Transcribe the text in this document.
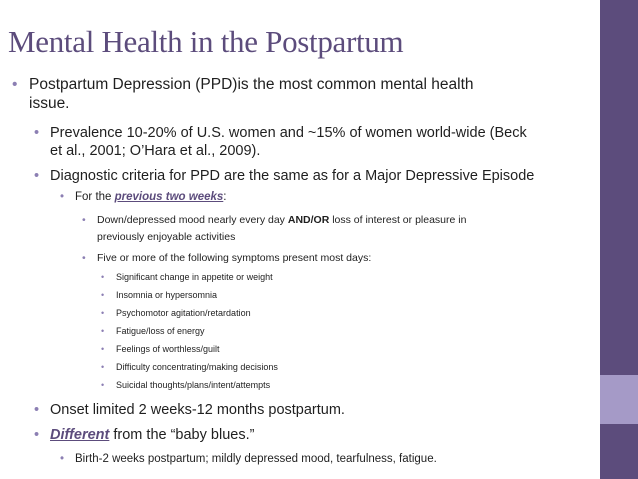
Mental Health in the Postpartum
• Postpartum Depression (PPD)is the most common mental health
issue.
• Prevalence 10-20% of U.S. women and ~15% of women world-wide (Beck
et al., 2001; O’Hara et al., 2009).
• Diagnostic criteria for PPD are the same as for a Major Depressive Episode
• For the previous two weeks:
• Down/depressed mood nearly every day AND/OR loss of interest or pleasure in
previously enjoyable activities
• Five or more of the following symptoms present most days:
• Significant change in appetite or weight
• Insomnia or hypersomnia
• Psychomotor agitation/retardation
• Fatigue/loss of energy
• Feelings of worthless/guilt
• Difficulty concentrating/making decisions
• Suicidal thoughts/plans/intent/attempts
• Onset limited 2 weeks-12 months postpartum.
• Different from the “baby blues.”
• Birth-2 weeks postpartum; mildly depressed mood, tearfulness, fatigue.
